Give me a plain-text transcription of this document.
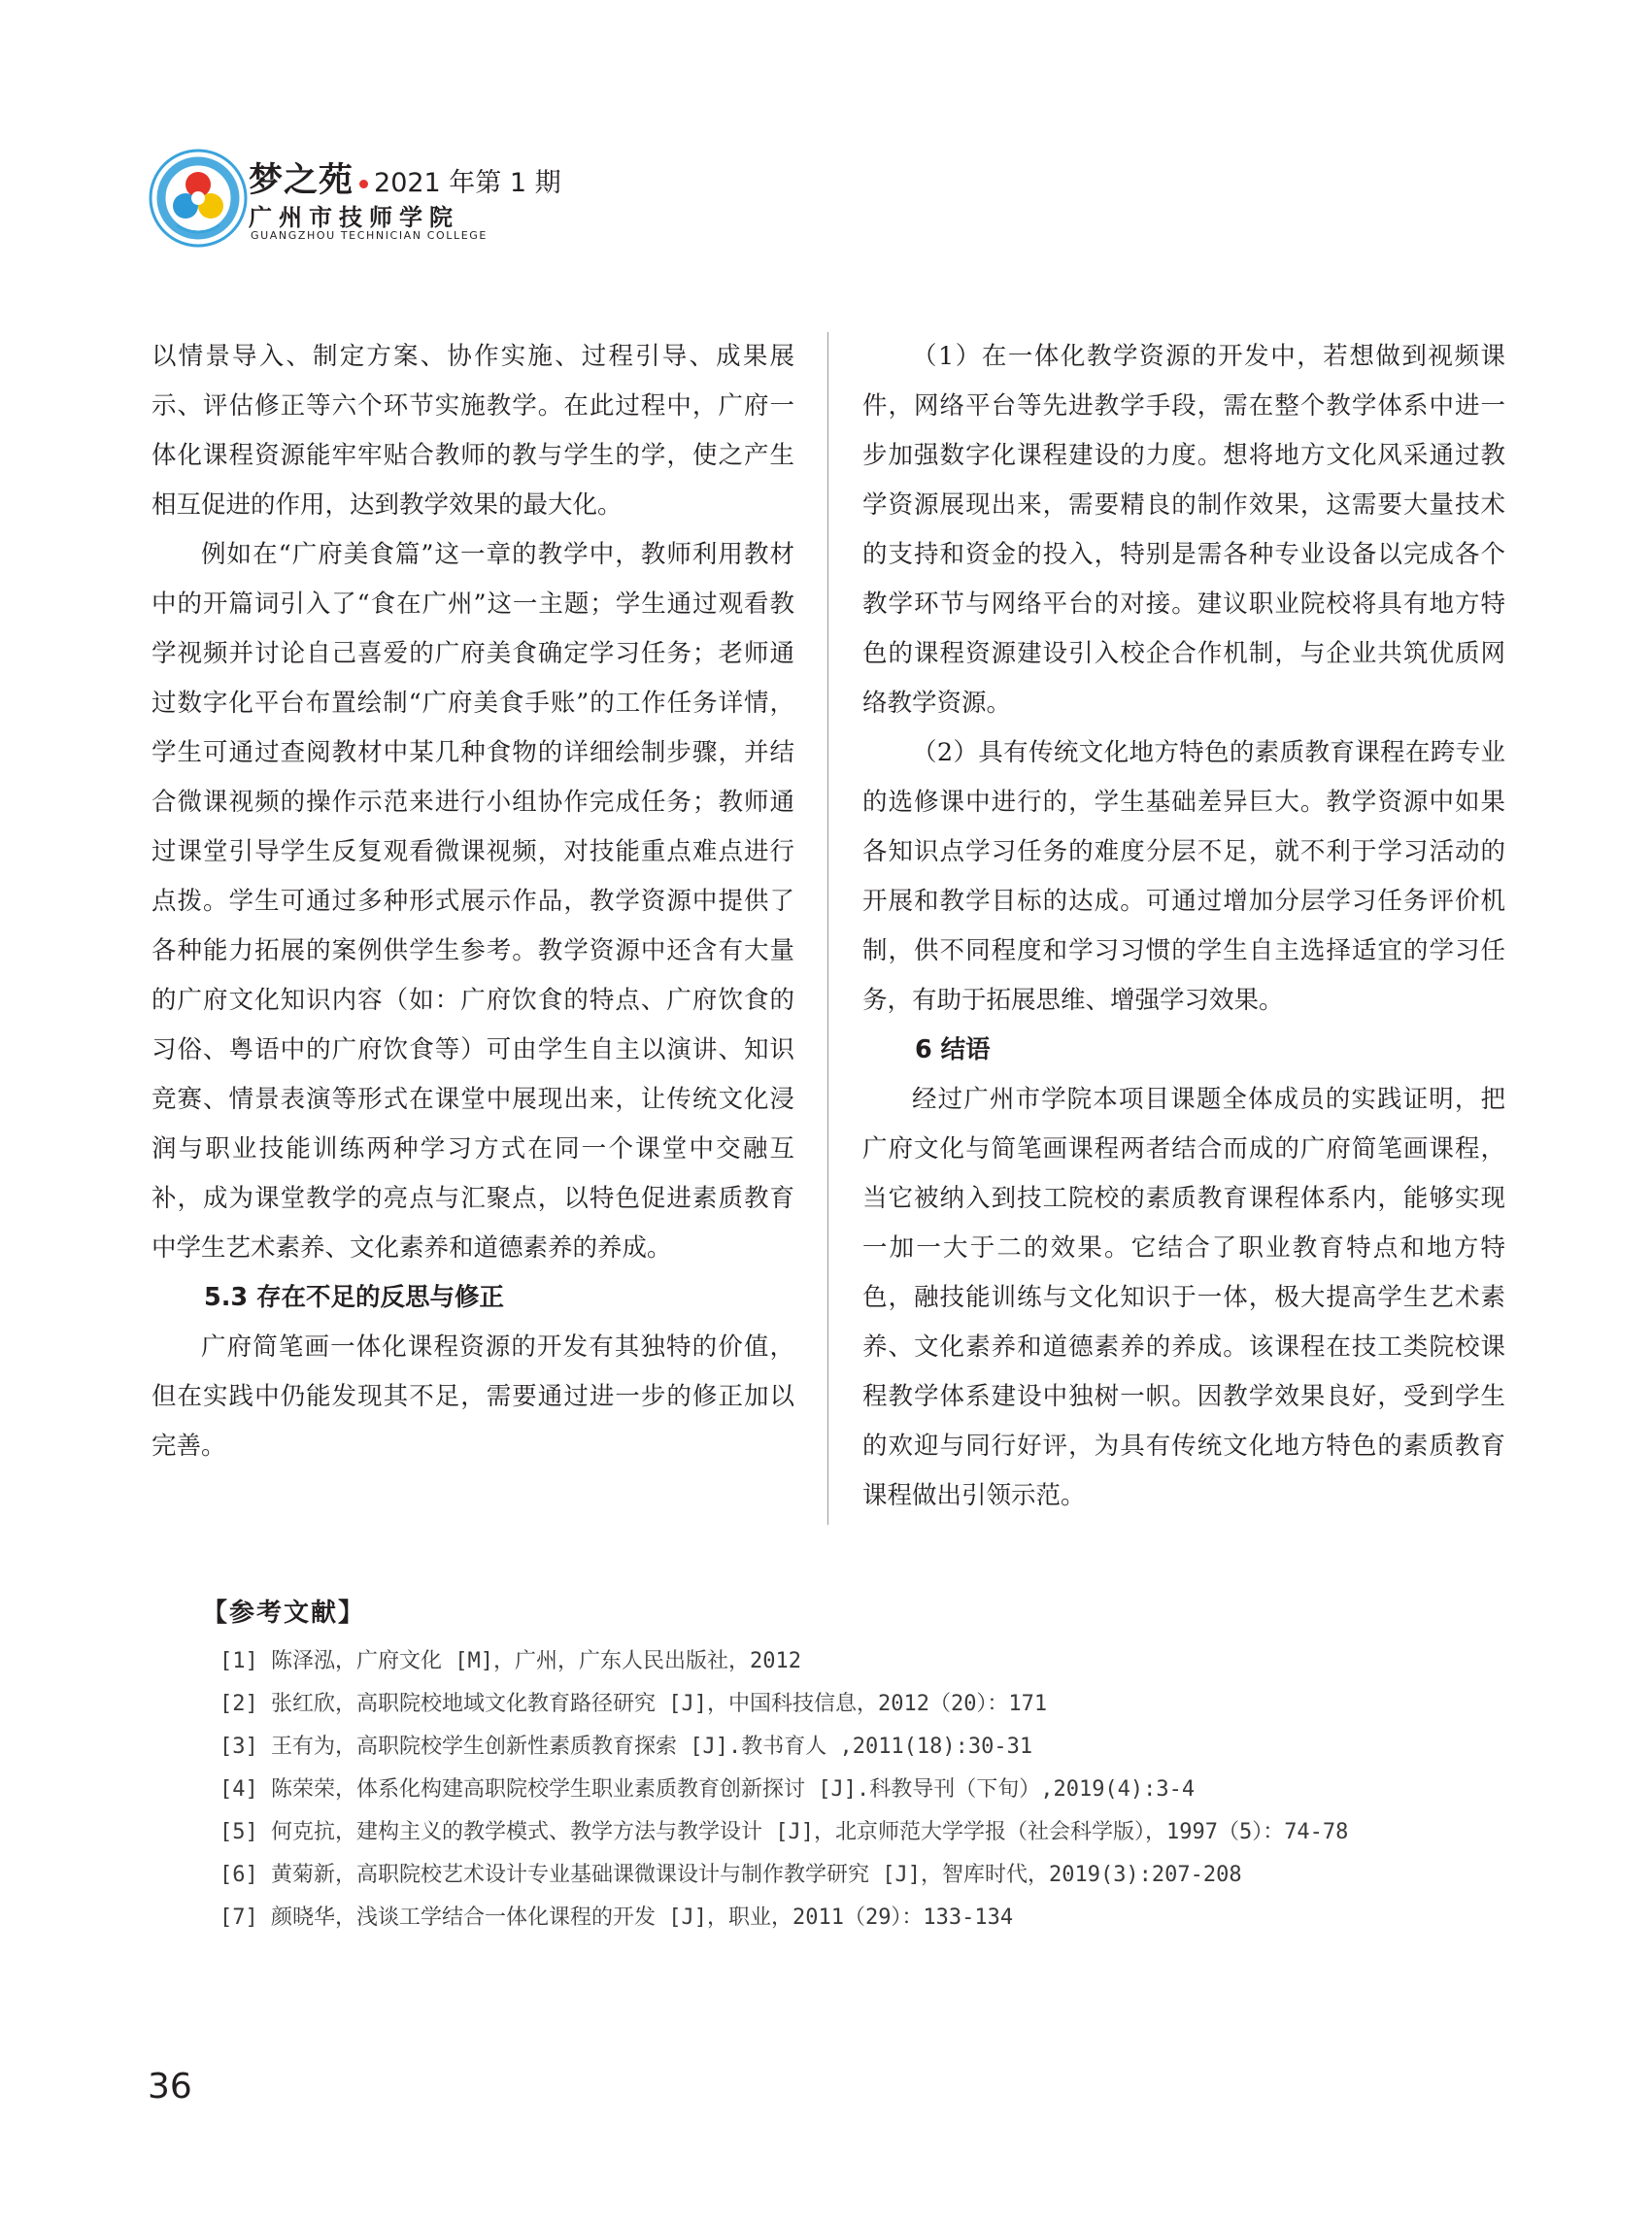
梦之苑 2021 年第 1 期
广州市技师学院
GUANGZHOU TECHNICIAN COLLEGE

以情景导入、制定方案、协作实施、过程引导、成果展示、评估修正等六个环节实施教学。在此过程中，广府一体化课程资源能牢牢贴合教师的教与学生的学，使之产生相互促进的作用，达到教学效果的最大化。

例如在“广府美食篇”这一章的教学中，教师利用教材中的开篇词引入了“食在广州”这一主题；学生通过观看教学视频并讨论自己喜爱的广府美食确定学习任务；老师通过数字化平台布置绘制“广府美食手账”的工作任务详情，学生可通过查阅教材中某几种食物的详细绘制步骤，并结合微课视频的操作示范来进行小组协作完成任务；教师通过课堂引导学生反复观看微课视频，对技能重点难点进行点拨。学生可通过多种形式展示作品，教学资源中提供了各种能力拓展的案例供学生参考。教学资源中还含有大量的广府文化知识内容（如：广府饮食的特点、广府饮食的习俗、粤语中的广府饮食等）可由学生自主以演讲、知识竞赛、情景表演等形式在课堂中展现出来，让传统文化浸润与职业技能训练两种学习方式在同一个课堂中交融互补，成为课堂教学的亮点与汇聚点，以特色促进素质教育中学生艺术素养、文化素养和道德素养的养成。

5.3 存在不足的反思与修正

广府简笔画一体化课程资源的开发有其独特的价值，但在实践中仍能发现其不足，需要通过进一步的修正加以完善。

（1）在一体化教学资源的开发中，若想做到视频课件，网络平台等先进教学手段，需在整个教学体系中进一步加强数字化课程建设的力度。想将地方文化风采通过教学资源展现出来，需要精良的制作效果，这需要大量技术的支持和资金的投入，特别是需各种专业设备以完成各个教学环节与网络平台的对接。建议职业院校将具有地方特色的课程资源建设引入校企合作机制，与企业共筑优质网络教学资源。

（2）具有传统文化地方特色的素质教育课程在跨专业的选修课中进行的，学生基础差异巨大。教学资源中如果各知识点学习任务的难度分层不足，就不利于学习活动的开展和教学目标的达成。可通过增加分层学习任务评价机制，供不同程度和学习习惯的学生自主选择适宜的学习任务，有助于拓展思维、增强学习效果。

6 结语

经过广州市学院本项目课题全体成员的实践证明，把广府文化与简笔画课程两者结合而成的广府简笔画课程，当它被纳入到技工院校的素质教育课程体系内，能够实现一加一大于二的效果。它结合了职业教育特点和地方特色，融技能训练与文化知识于一体，极大提高学生艺术素养、文化素养和道德素养的养成。该课程在技工类院校课程教学体系建设中独树一帜。因教学效果良好，受到学生的欢迎与同行好评，为具有传统文化地方特色的素质教育课程做出引领示范。

【参考文献】
[1] 陈泽泓，广府文化 [M]，广州，广东人民出版社，2012
[2] 张红欣，高职院校地域文化教育路径研究 [J]，中国科技信息，2012（20）：171
[3] 王有为，高职院校学生创新性素质教育探索 [J].教书育人 ,2011(18):30-31
[4] 陈荣荣，体系化构建高职院校学生职业素质教育创新探讨 [J].科教导刊（下旬）,2019(4):3-4
[5] 何克抗，建构主义的教学模式、教学方法与教学设计 [J]，北京师范大学学报（社会科学版），1997（5）：74-78
[6] 黄菊新，高职院校艺术设计专业基础课微课设计与制作教学研究 [J]，智库时代，2019(3):207-208
[7] 颜晓华，浅谈工学结合一体化课程的开发 [J]，职业，2011（29）：133-134
36
